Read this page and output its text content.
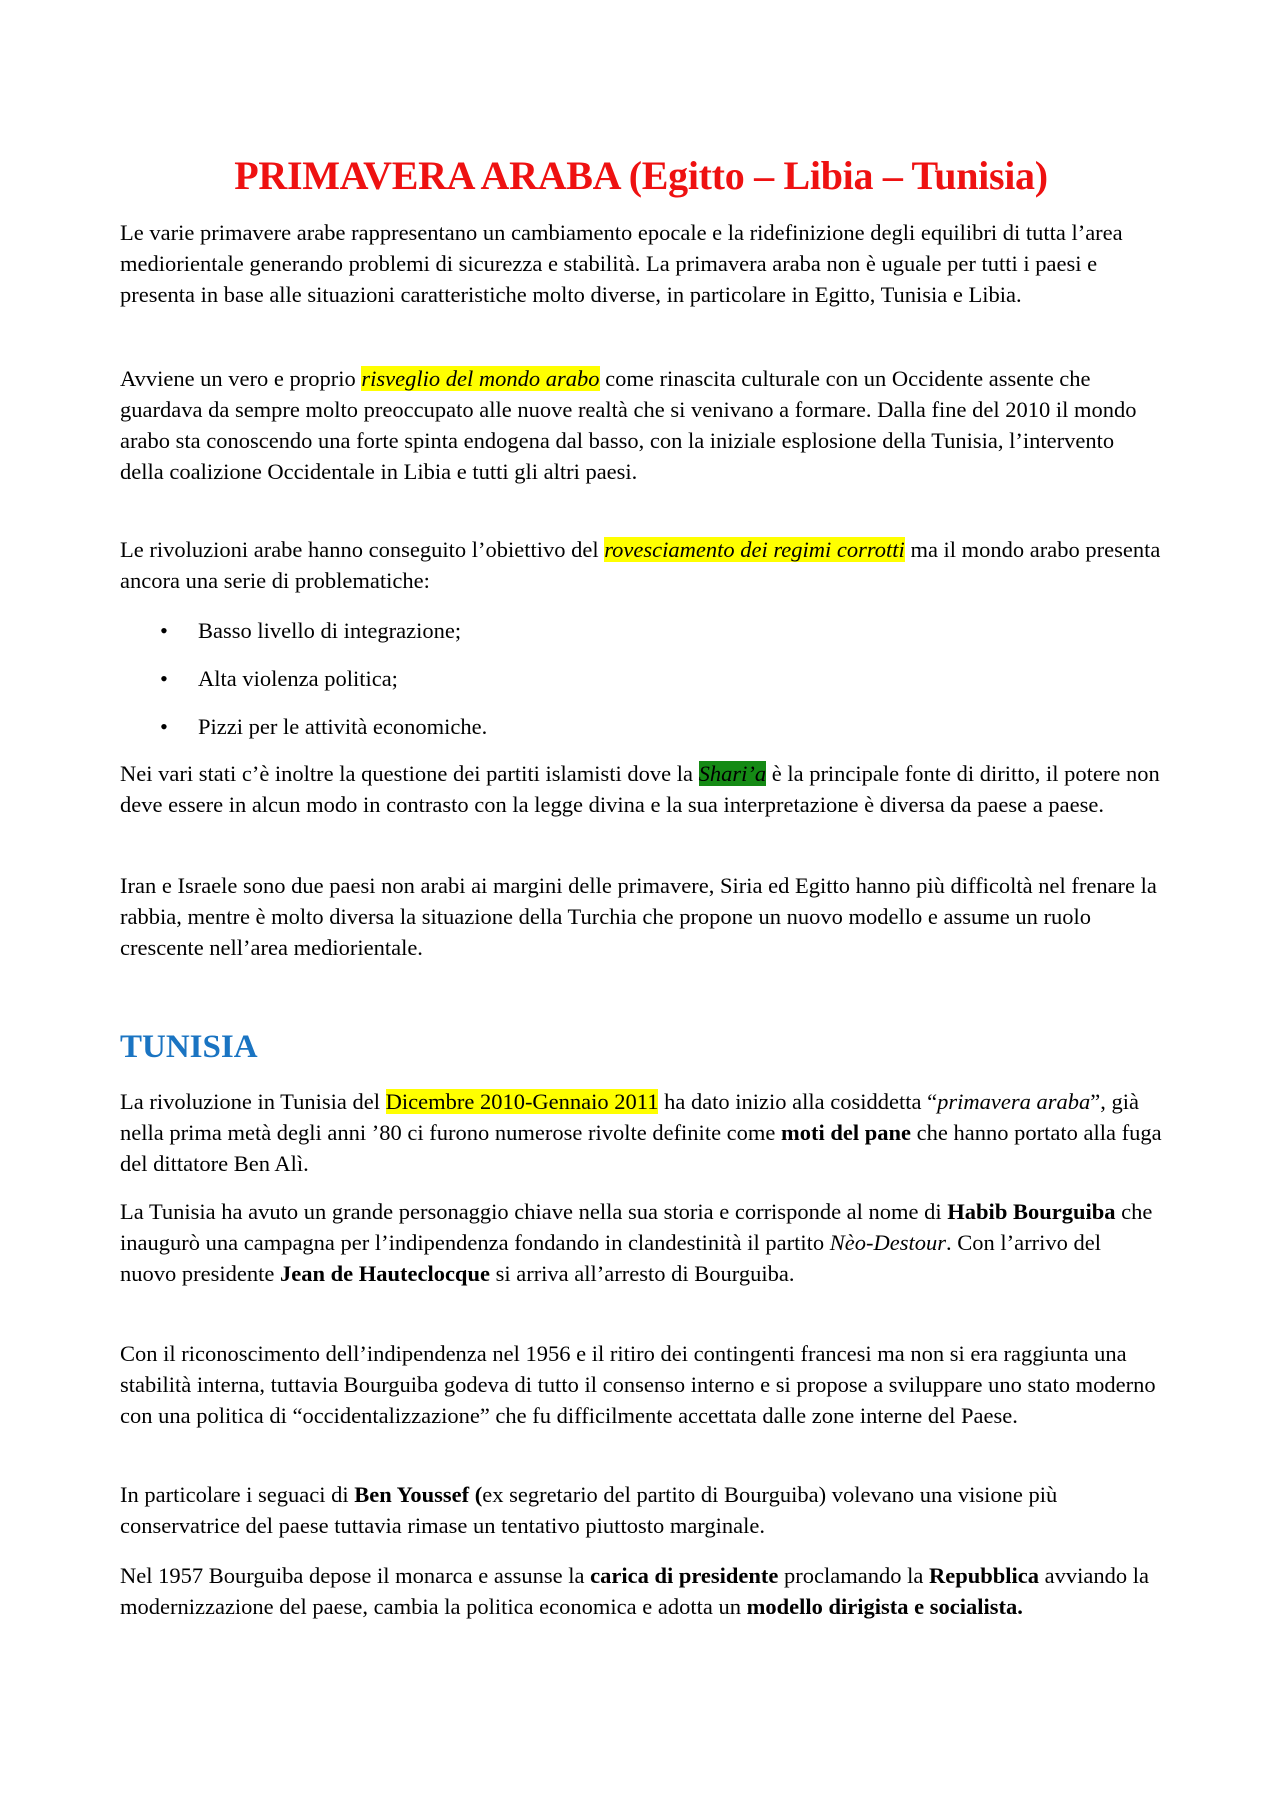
PRIMAVERA ARABA (Egitto – Libia – Tunisia)

Le varie primavere arabe rappresentano un cambiamento epocale e la ridefinizione degli equilibri di tutta l’area mediorientale generando problemi di sicurezza e stabilità. La primavera araba non è uguale per tutti i paesi e presenta in base alle situazioni caratteristiche molto diverse, in particolare in Egitto, Tunisia e Libia.

Avviene un vero e proprio risveglio del mondo arabo come rinascita culturale con un Occidente assente che guardava da sempre molto preoccupato alle nuove realtà che si venivano a formare. Dalla fine del 2010 il mondo arabo sta conoscendo una forte spinta endogena dal basso, con la iniziale esplosione della Tunisia, l’intervento della coalizione Occidentale in Libia e tutti gli altri paesi.

Le rivoluzioni arabe hanno conseguito l’obiettivo del rovesciamento dei regimi corrotti ma il mondo arabo presenta ancora una serie di problematiche:

• Basso livello di integrazione;
• Alta violenza politica;
• Pizzi per le attività economiche.

Nei vari stati c’è inoltre la questione dei partiti islamisti dove la Shari’a è la principale fonte di diritto, il potere non deve essere in alcun modo in contrasto con la legge divina e la sua interpretazione è diversa da paese a paese.

Iran e Israele sono due paesi non arabi ai margini delle primavere, Siria ed Egitto hanno più difficoltà nel frenare la rabbia, mentre è molto diversa la situazione della Turchia che propone un nuovo modello e assume un ruolo crescente nell’area mediorientale.

TUNISIA

La rivoluzione in Tunisia del Dicembre 2010-Gennaio 2011 ha dato inizio alla cosiddetta “primavera araba”, già nella prima metà degli anni ’80 ci furono numerose rivolte definite come moti del pane che hanno portato alla fuga del dittatore Ben Alì.

La Tunisia ha avuto un grande personaggio chiave nella sua storia e corrisponde al nome di Habib Bourguiba che inaugurò una campagna per l’indipendenza fondando in clandestinità il partito Nèo-Destour. Con l’arrivo del nuovo presidente Jean de Hauteclocque si arriva all’arresto di Bourguiba.

Con il riconoscimento dell’indipendenza nel 1956 e il ritiro dei contingenti francesi ma non si era raggiunta una stabilità interna, tuttavia Bourguiba godeva di tutto il consenso interno e si propose a sviluppare uno stato moderno con una politica di “occidentalizzazione” che fu difficilmente accettata dalle zone interne del Paese.

In particolare i seguaci di Ben Youssef (ex segretario del partito di Bourguiba) volevano una visione più conservatrice del paese tuttavia rimase un tentativo piuttosto marginale.

Nel 1957 Bourguiba depose il monarca e assunse la carica di presidente proclamando la Repubblica avviando la modernizzazione del paese, cambia la politica economica e adotta un modello dirigista e socialista.
